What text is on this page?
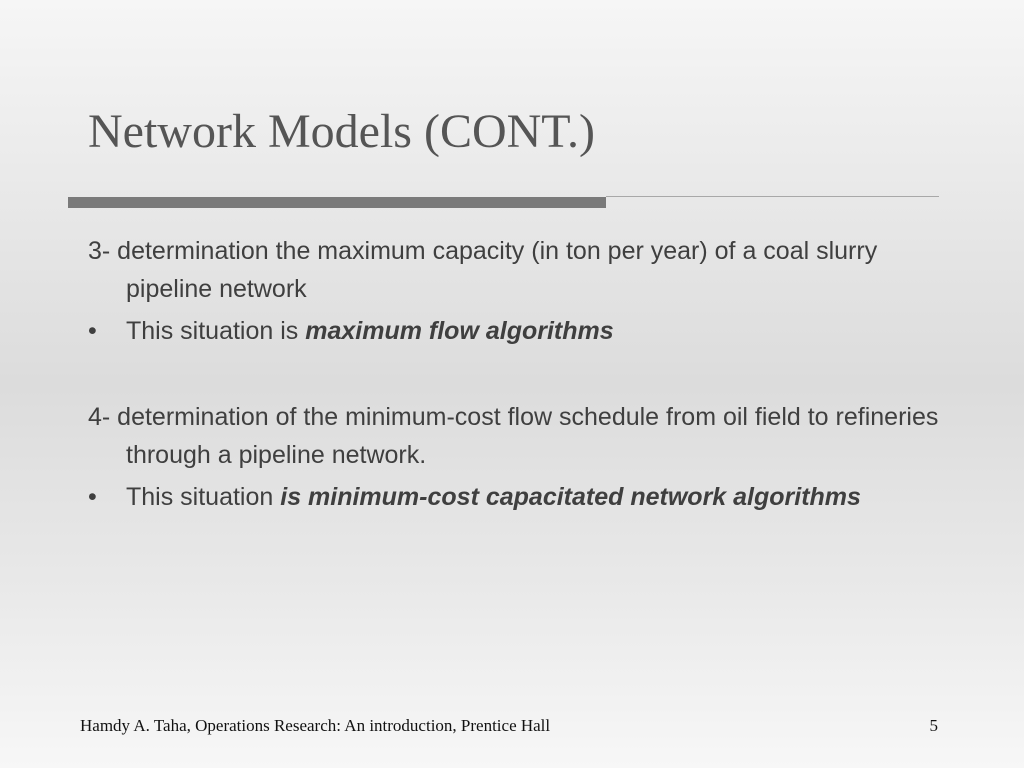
Network Models (CONT.)

3- determination the maximum capacity (in ton per year) of a coal slurry pipeline network

•	This situation is maximum flow algorithms

4- determination of the minimum-cost flow schedule from oil field to refineries through a pipeline network.

•	This situation is minimum-cost capacitated network algorithms
Hamdy A. Taha, Operations Research: An introduction, Prentice Hall	5
